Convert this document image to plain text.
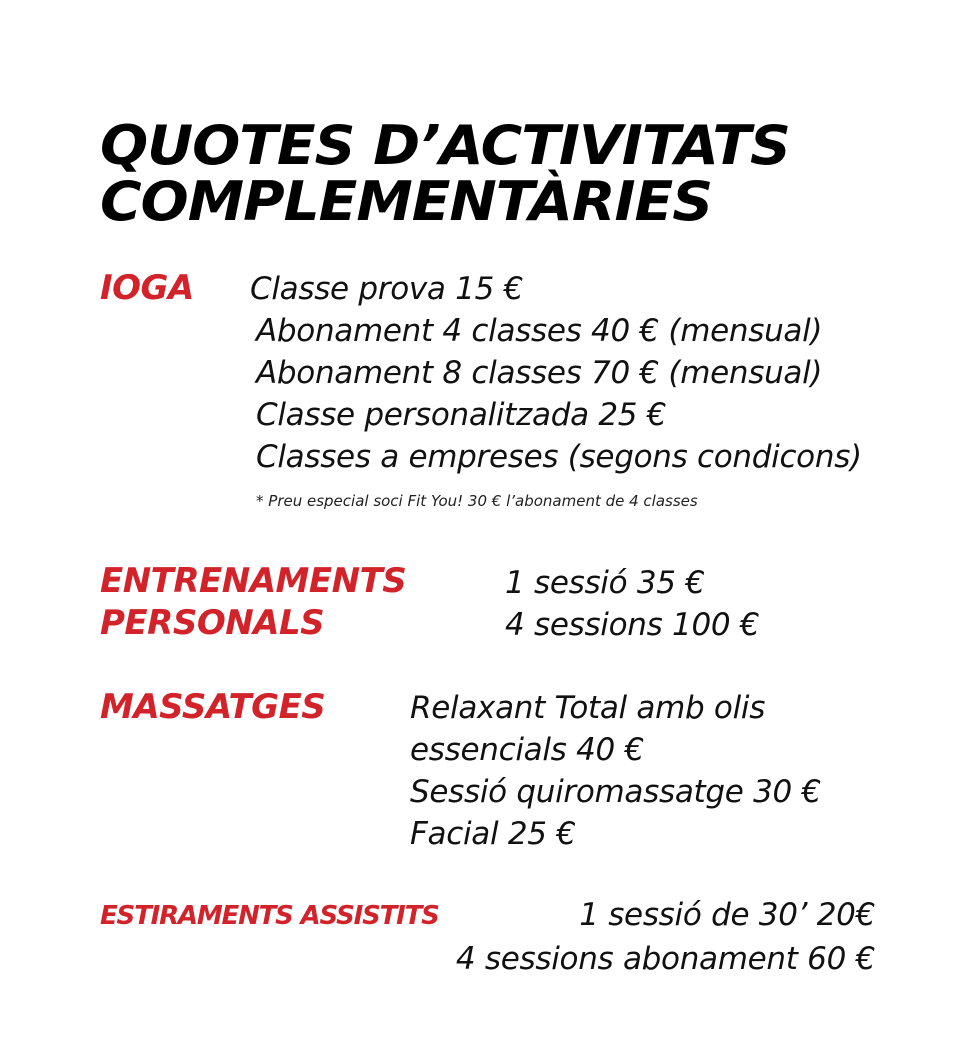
QUOTES D’ACTIVITATS
COMPLEMENTÀRIES
IOGA Classe prova 15 €
Abonament 4 classes 40 € (mensual)
Abonament 8 classes 70 € (mensual)
Classe personalitzada 25 €
Classes a empreses (segons condicons)
* Preu especial soci Fit You! 30 € l’abonament de 4 classes
ENTRENAMENTS
PERSONALS
1 sessió 35 €
4 sessions 100 €
MASSATGES	Relaxant Total amb olis
essencials 40 €
Sessió quiromassatge 30 €
Facial 25 €
ESTIRAMENTS ASSISTITS	1 sessió de 30’ 20€
4 sessions abonament 60 €
